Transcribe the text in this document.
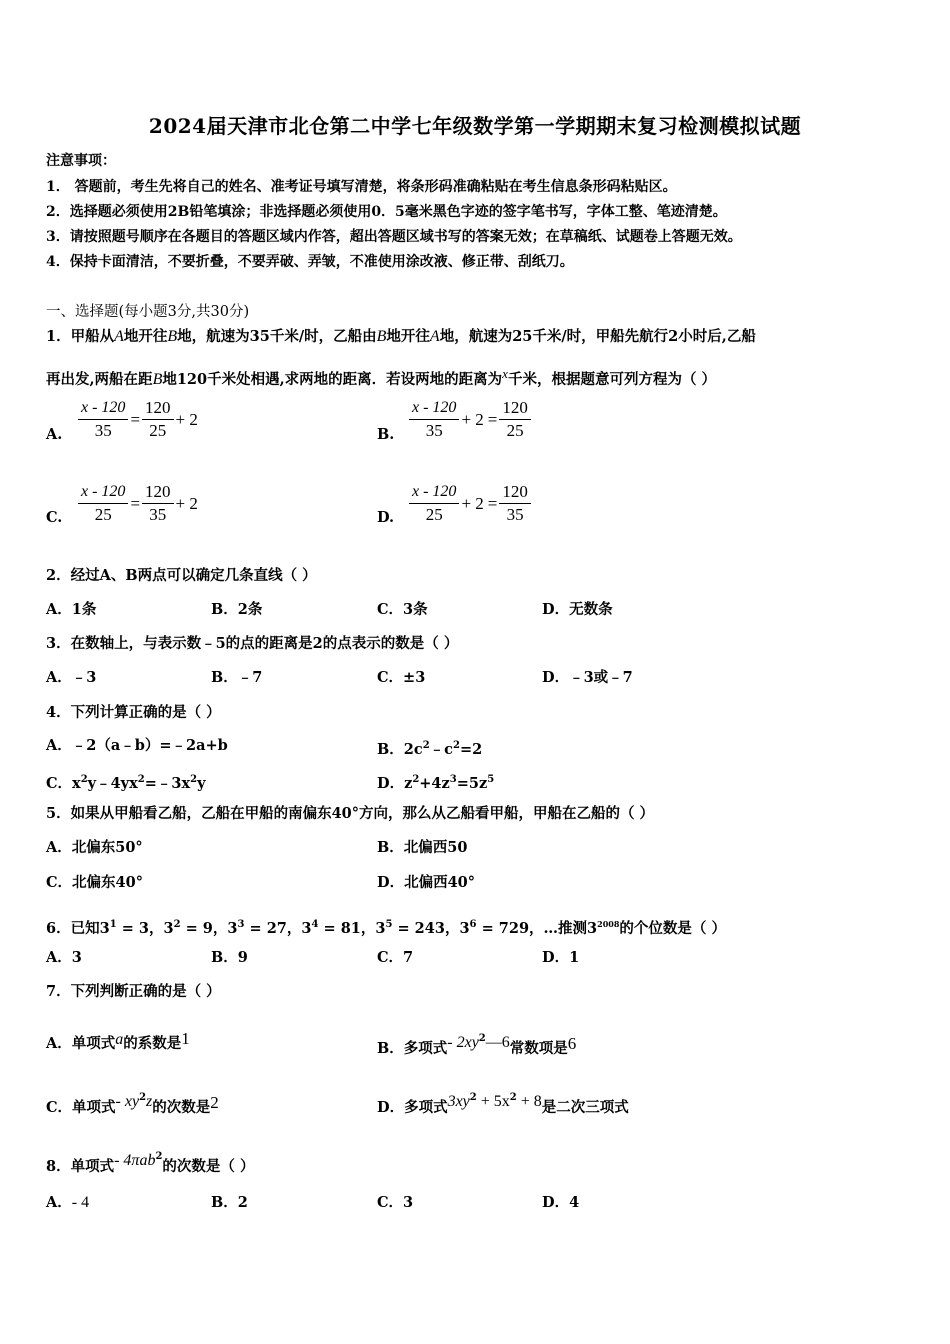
2024届天津市北仓第二中学七年级数学第一学期期末复习检测模拟试题
注意事项：
1． 答题前，考生先将自己的姓名、准考证号填写清楚，将条形码准确粘贴在考生信息条形码粘贴区。
2．选择题必须使用2B铅笔填涂；非选择题必须使用0．5毫米黑色字迹的签字笔书写，字体工整、笔迹清楚。
3．请按照题号顺序在各题目的答题区域内作答，超出答题区域书写的答案无效；在草稿纸、试题卷上答题无效。
4．保持卡面清洁，不要折叠，不要弄破、弄皱，不准使用涂改液、修正带、刮纸刀。
一、选择题(每小题3分,共30分)
1．甲船从A地开往B地，航速为35千米/时，乙船由B地开往A地，航速为25千米/时，甲船先航行2小时后,乙船
再出发,两船在距B地120千米处相遇,求两地的距离．若设两地的距离为x千米，根据题意可列方程为（ ）
A. $\frac{x - 120}{35} = \frac{120}{25} + 2$
B. $\frac{x - 120}{35} + 2 = \frac{120}{25}$
C. $\frac{x - 120}{25} = \frac{120}{35} + 2$
D. $\frac{x - 120}{25} + 2 = \frac{120}{35}$
2．经过A、B两点可以确定几条直线（ ）
A．1条	B．2条	C．3条	D．无数条
3．在数轴上，与表示数﹣5的点的距离是2的点表示的数是（ ）
A．﹣3	B．﹣7	C．±3	D．﹣3或﹣7
4．下列计算正确的是（ ）
A．﹣2（a﹣b）=﹣2a+b	B．$2c^2﹣c^2=2$
C．$x^2y﹣4yx^2=﹣3x^2y$	D．$z^2+4z^3=5z^5$
5．如果从甲船看乙船，乙船在甲船的南偏东40°方向，那么从乙船看甲船，甲船在乙船的（ ）
A．北偏东50°	B．北偏西50
C．北偏东40°	D．北偏西40°
6．已知$3^1 = 3$，$3^2 = 9$，$3^3 = 27$，$3^4 = 81$，$3^5 = 243$，$3^6 = 729$，…推测$3^{2008}$的个位数是（ ）
A．3	B．9	C．7	D．1
7．下列判断正确的是（ ）
A．单项式a的系数是1
B．多项式- $2xy^2—6$常数项是6
C．单项式- $xy^2z$的次数是2	D．多项式$3xy^2 + 5x^2 + 8$是二次三项式
8．单项式- 4πab$^2$的次数是（ ）
A．- 4	B．2	C．3	D．4
